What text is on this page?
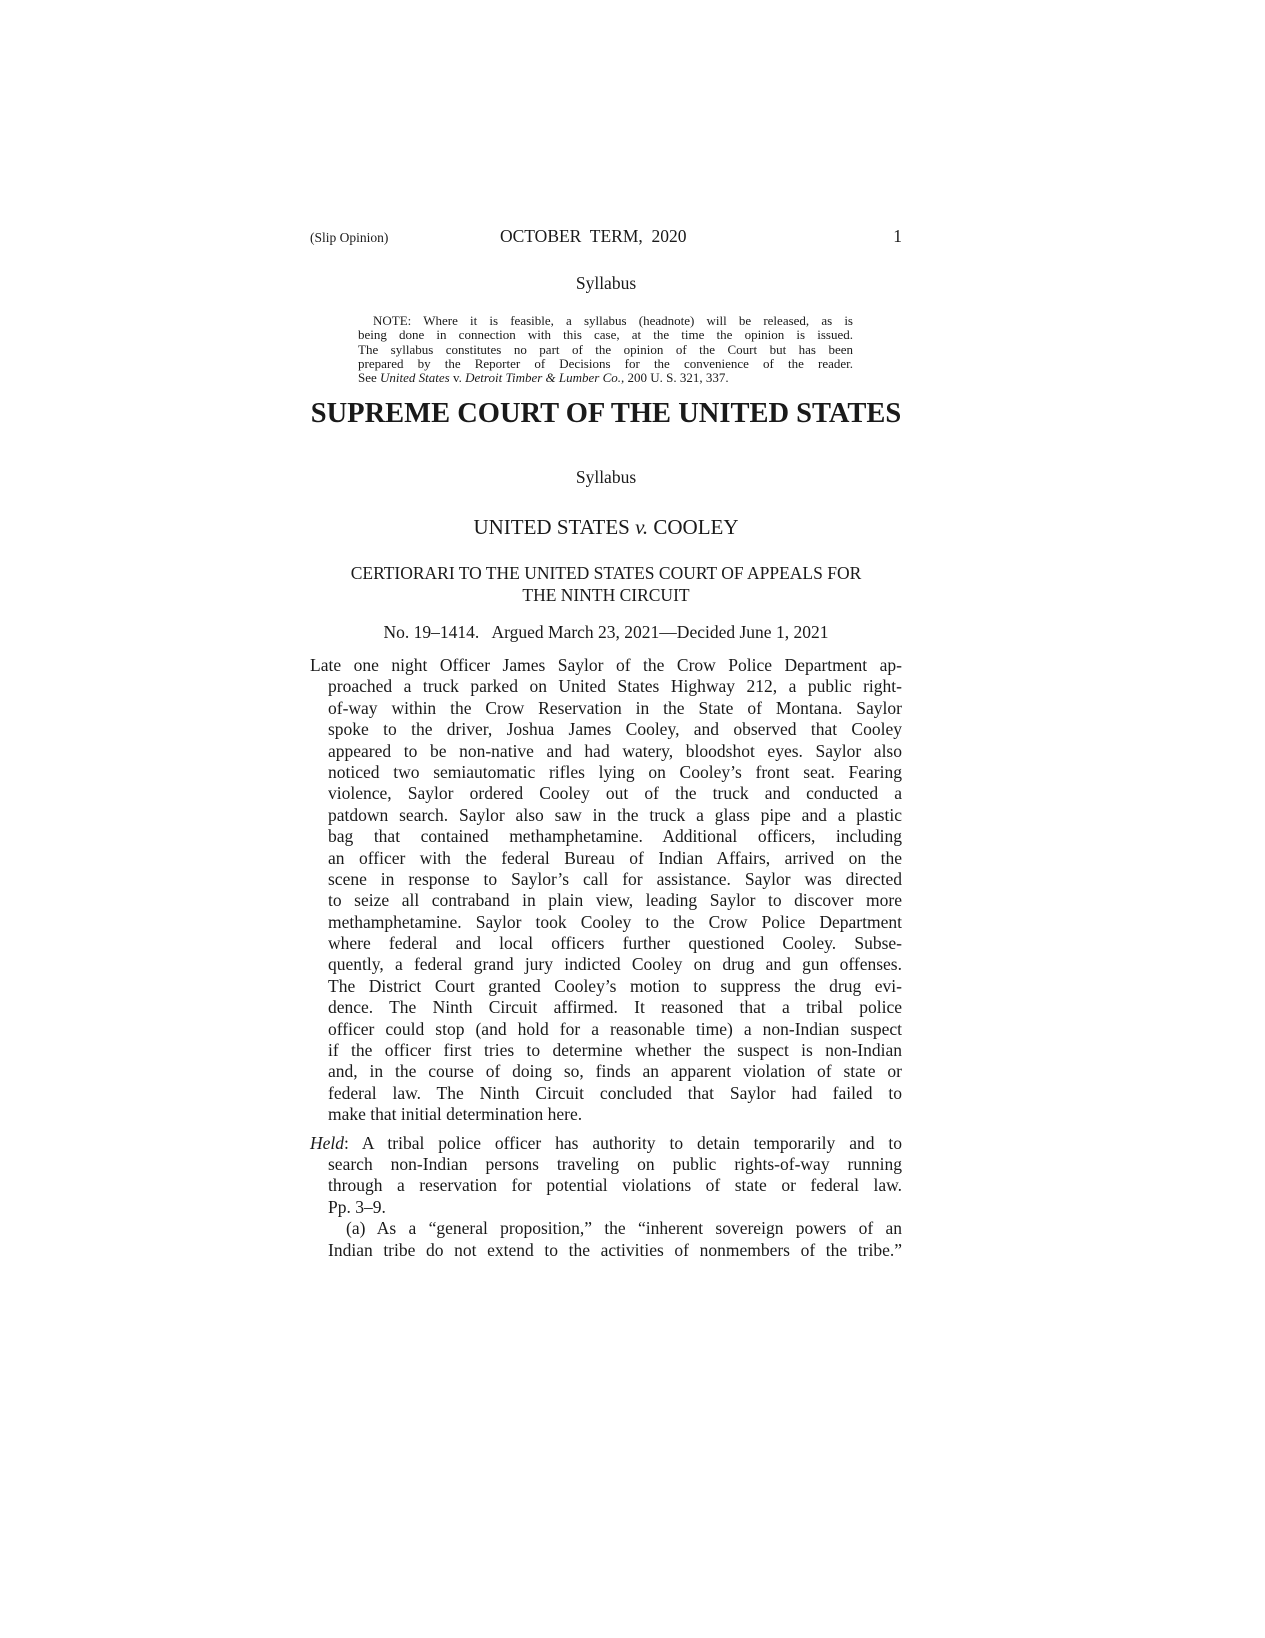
(Slip Opinion)	OCTOBER  TERM,  2020	1
Syllabus
NOTE: Where it is feasible, a syllabus (headnote) will be released, as is
being done in connection with this case, at the time the opinion is issued.
The syllabus constitutes no part of the opinion of the Court but has been
prepared by the Reporter of Decisions for the convenience of the reader.
See United States v. Detroit Timber & Lumber Co., 200 U. S. 321, 337.
SUPREME COURT OF THE UNITED STATES
Syllabus
UNITED STATES v. COOLEY
CERTIORARI TO THE UNITED STATES COURT OF APPEALS FOR
THE NINTH CIRCUIT
No. 19–1414.   Argued March 23, 2021—Decided June 1, 2021
Late one night Officer James Saylor of the Crow Police Department ap-
proached a truck parked on United States Highway 212, a public right-
of-way within the Crow Reservation in the State of Montana. Saylor
spoke to the driver, Joshua James Cooley, and observed that Cooley
appeared to be non-native and had watery, bloodshot eyes. Saylor also
noticed two semiautomatic rifles lying on Cooley’s front seat. Fearing
violence, Saylor ordered Cooley out of the truck and conducted a
patdown search. Saylor also saw in the truck a glass pipe and a plastic
bag that contained methamphetamine. Additional officers, including
an officer with the federal Bureau of Indian Affairs, arrived on the
scene in response to Saylor’s call for assistance. Saylor was directed
to seize all contraband in plain view, leading Saylor to discover more
methamphetamine. Saylor took Cooley to the Crow Police Department
where federal and local officers further questioned Cooley. Subse-
quently, a federal grand jury indicted Cooley on drug and gun offenses.
The District Court granted Cooley’s motion to suppress the drug evi-
dence. The Ninth Circuit affirmed. It reasoned that a tribal police
officer could stop (and hold for a reasonable time) a non-Indian suspect
if the officer first tries to determine whether the suspect is non-Indian
and, in the course of doing so, finds an apparent violation of state or
federal law. The Ninth Circuit concluded that Saylor had failed to
make that initial determination here.
Held: A tribal police officer has authority to detain temporarily and to
search non-Indian persons traveling on public rights-of-way running
through a reservation for potential violations of state or federal law.
Pp. 3–9.
(a) As a “general proposition,” the “inherent sovereign powers of an
Indian tribe do not extend to the activities of nonmembers of the tribe.”
